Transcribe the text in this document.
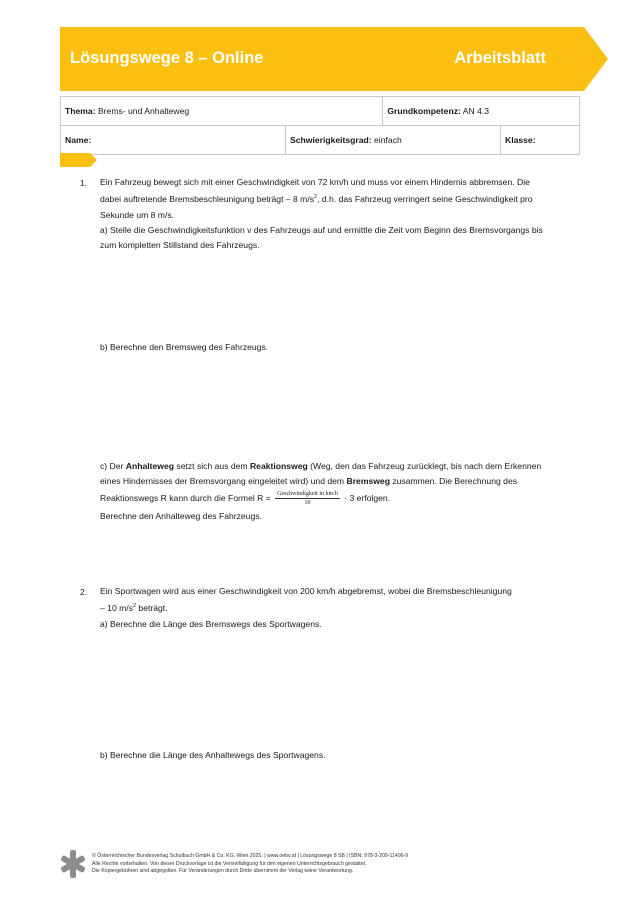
Lösungswege 8 – Online	Arbeitsblatt
Thema: Brems- und Anhalteweg		Grundkompetenz: AN 4.3	
Name:	Schwierigkeitsgrad: einfach		Klasse:
1. Ein Fahrzeug bewegt sich mit einer Geschwindigkeit von 72 km/h und muss vor einem Hindernis abbremsen. Die
dabei auftretende Bremsbeschleunigung beträgt – 8 $m/s^2$, d.h. das Fahrzeug verringert seine Geschwindigkeit pro
Sekunde um 8 m/s.
a) Stelle die Geschwindigkeitsfunktion v des Fahrzeugs auf und ermittle die Zeit vom Beginn des Bremsvorgangs bis
zum kompletten Stillstand des Fahrzeugs.
b) Berechne den Bremsweg des Fahrzeugs.
c) Der Anhalteweg setzt sich aus dem Reaktionsweg (Weg, den das Fahrzeug zurücklegt, bis nach dem Erkennen
eines Hindernisses der Bremsvorgang eingeleitet wird) und dem Bremsweg zusammen. Die Berechnung des
Reaktionswegs R kann durch die Formel $R = \frac{\text{Geschwindigkeit in km/h}}{10} \cdot 3$ erfolgen.
Berechne den Anhalteweg des Fahrzeugs.
2. Ein Sportwagen wird aus einer Geschwindigkeit von 200 km/h abgebremst, wobei die Bremsbeschleunigung
– 10 $m/s^2$ beträgt.
a) Berechne die Länge des Bremswegs des Sportwagens.
b) Berechne die Länge des Anhaltewegs des Sportwagens.
© Österreichischer Bundesverlag Schulbuch GmbH & Co. KG, Wien 2025. | www.oebv.at | Lösungswege 8 SB | ISBN: 978-3-209-11496-9
Alle Rechte vorbehalten. Von dieser Druckvorlage ist die Vervielfältigung für den eigenen Unterrichtsgebrauch gestattet.
Die Kopiergebühren sind abgegolten. Für Veränderungen durch Dritte übernimmt der Verlag keine Verantwortung.
